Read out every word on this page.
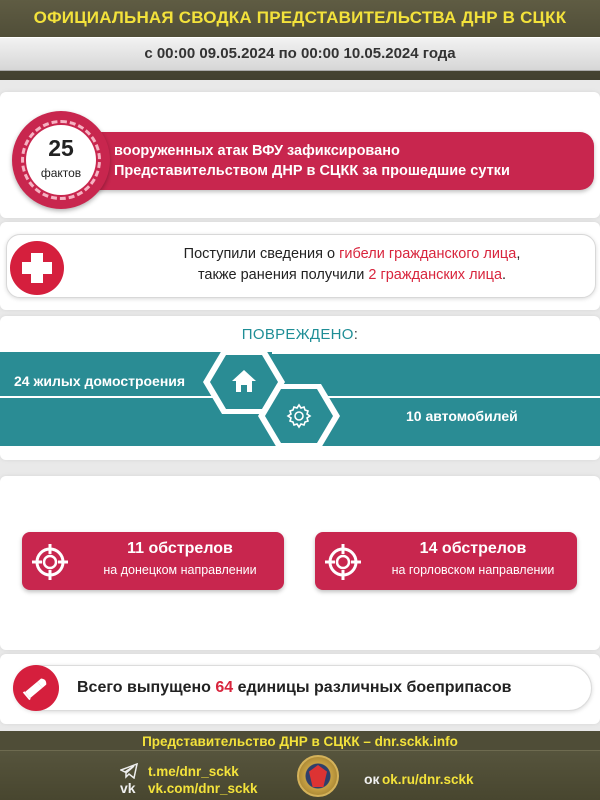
ОФИЦИАЛЬНАЯ СВОДКА ПРЕДСТАВИТЕЛЬСТВА ДНР В СЦКК
с 00:00 09.05.2024 по 00:00 10.05.2024 года
вооруженных атак ВФУ зафиксировано
Представительством ДНР в СЦКК за прошедшие сутки
25
фактов
Поступили сведения о гибели гражданского лица,
также ранения получили 2 гражданских лица.
ПОВРЕЖДЕНО:
24 жилых домостроения
10 автомобилей
11 обстрелов
на донецком направлении
14 обстрелов
на горловском направлении
Всего выпущено 64 единицы различных боеприпасов
Представительство ДНР в СЦКК – dnr.sckk.info
vk
t.me/dnr_sckk
vk.com/dnr_sckk
ок ok.ru/dnr.sckk
